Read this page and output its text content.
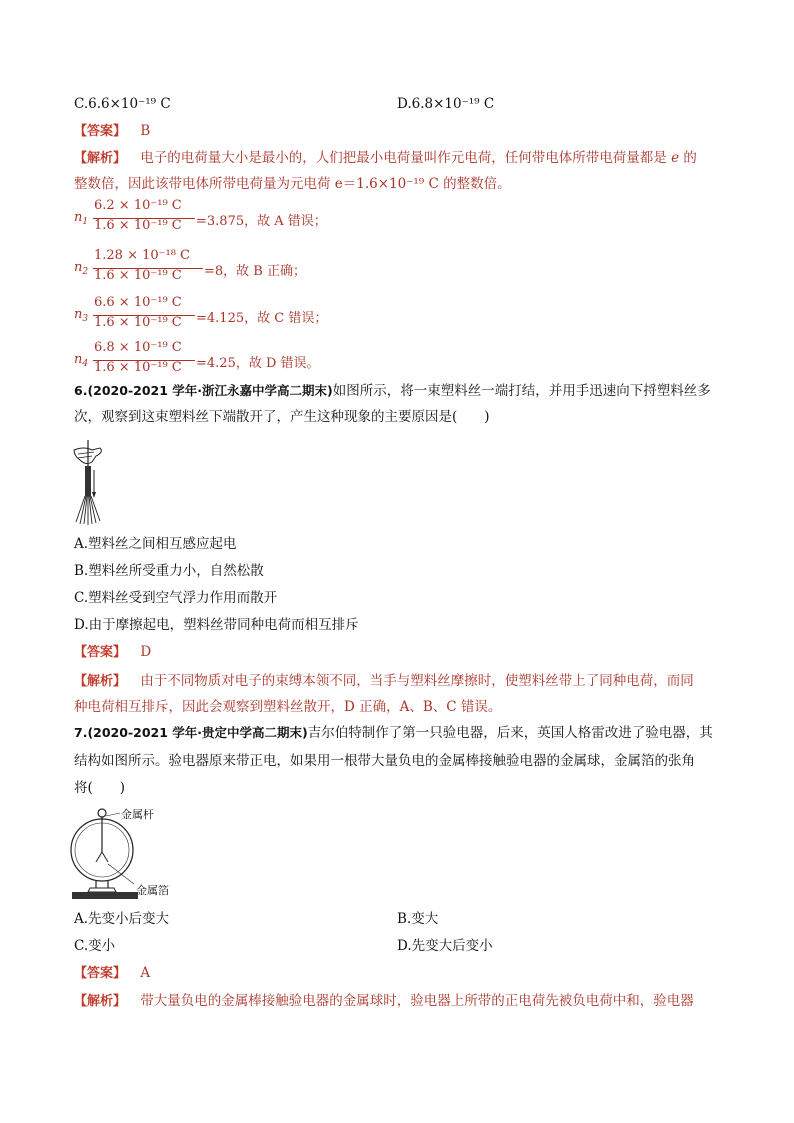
C.6.6×10⁻¹⁹ C	D.6.8×10⁻¹⁹ C
【答案】 B
【解析】 电子的电荷量大小是最小的，人们把最小电荷量叫作元电荷，任何带电体所带电荷量都是 e 的
整数倍，因此该带电体所带电荷量为元电荷 e＝1.6×10⁻¹⁹ C 的整数倍。
$n_1$
6.2 × 10⁻¹⁹ C
1.6 × 10⁻¹⁹ C =3.875，故 A 错误；
$n_2$
1.28 × 10⁻¹⁸ C
1.6 × 10⁻¹⁹ C =8，故 B 正确；
$n_3$
6.6 × 10⁻¹⁹ C
1.6 × 10⁻¹⁹ C =4.125，故 C 错误；
$n_4$
6.8 × 10⁻¹⁹ C
1.6 × 10⁻¹⁹ C =4.25，故 D 错误。
6.(2020-2021 学年·浙江永嘉中学高二期末)如图所示，将一束塑料丝一端打结，并用手迅速向下捋塑料丝多
次，观察到这束塑料丝下端散开了，产生这种现象的主要原因是(　　)
A.塑料丝之间相互感应起电
B.塑料丝所受重力小，自然松散
C.塑料丝受到空气浮力作用而散开
D.由于摩擦起电，塑料丝带同种电荷而相互排斥
【答案】 D
【解析】 由于不同物质对电子的束缚本领不同，当手与塑料丝摩擦时，使塑料丝带上了同种电荷，而同
种电荷相互排斥，因此会观察到塑料丝散开，D 正确，A、B、C 错误。
7.(2020-2021 学年·贵定中学高二期末)吉尔伯特制作了第一只验电器，后来，英国人格雷改进了验电器，其
结构如图所示。验电器原来带正电，如果用一根带大量负电的金属棒接触验电器的金属球，金属箔的张角
将(　　)
金属杆
金属箔
A.先变小后变大	B.变大
C.变小	D.先变大后变小
【答案】 A
【解析】 带大量负电的金属棒接触验电器的金属球时，验电器上所带的正电荷先被负电荷中和，验电器
